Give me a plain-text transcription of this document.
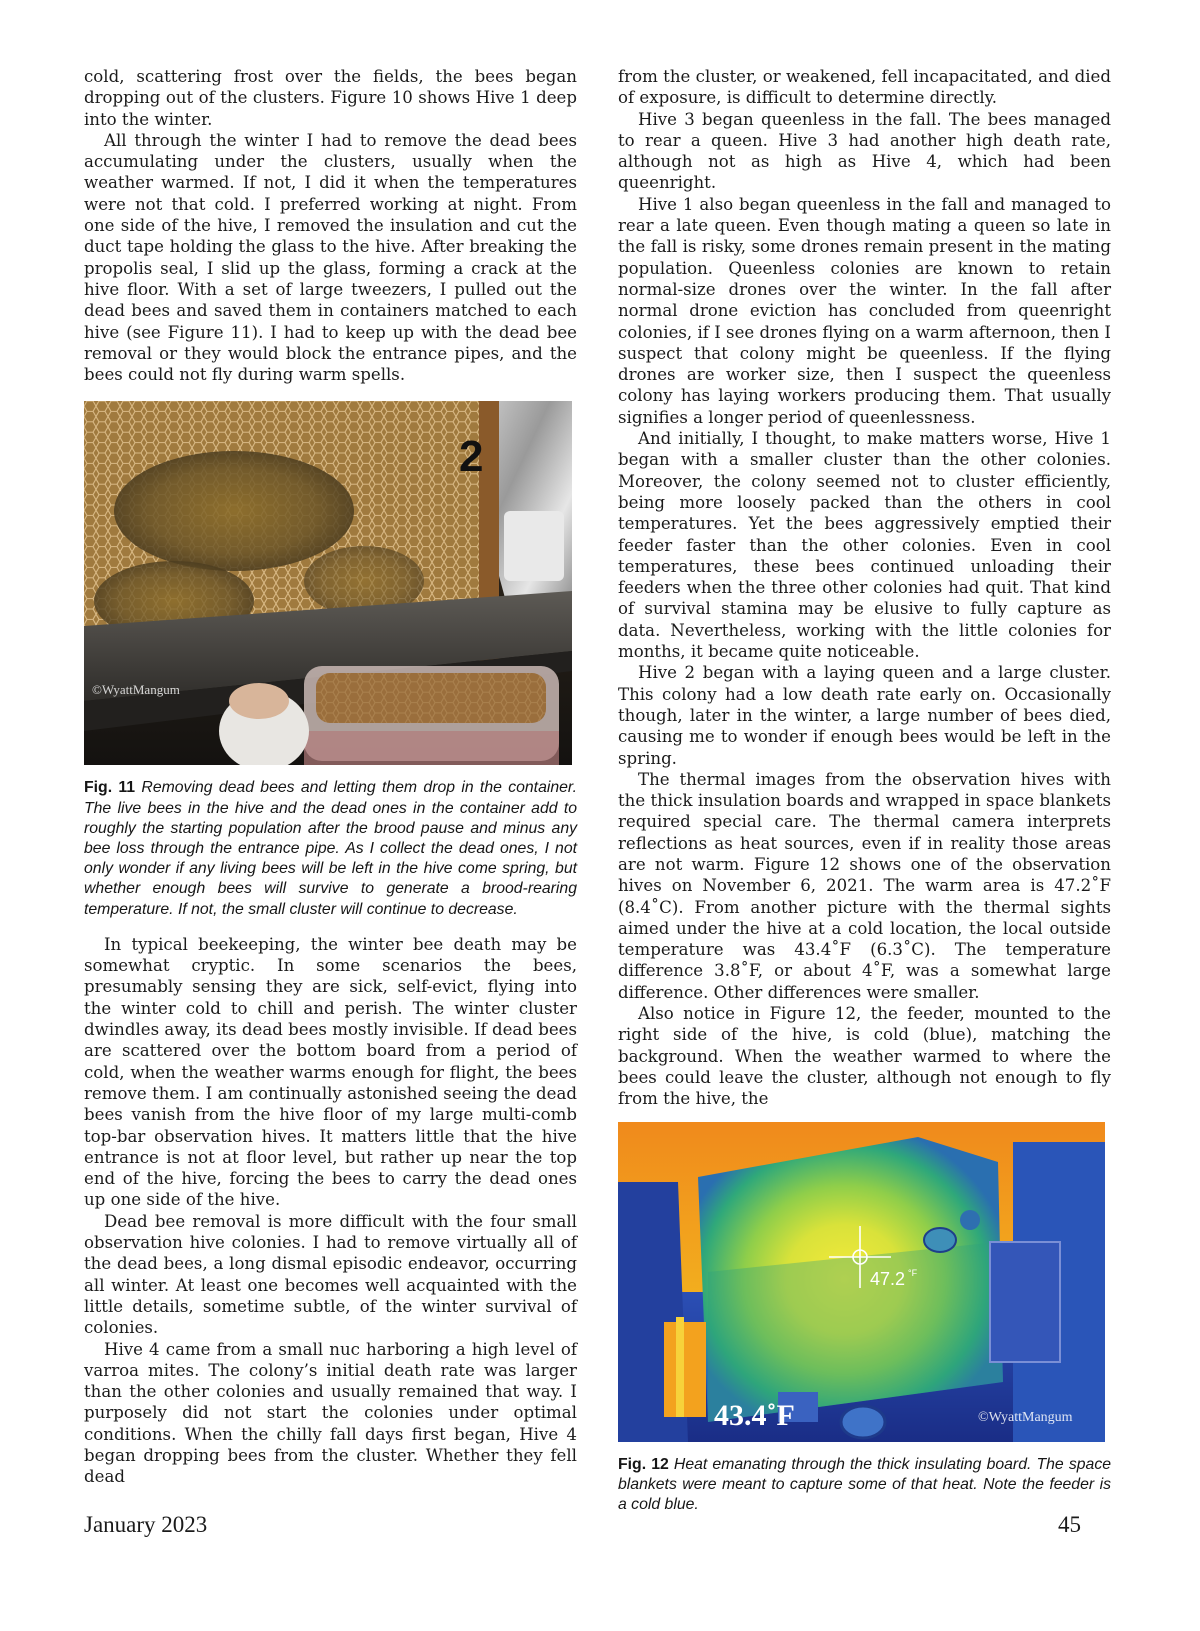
cold, scattering frost over the fields, the bees began dropping out of the clusters. Figure 10 shows Hive 1 deep into the winter.

All through the winter I had to remove the dead bees accumulating under the clusters, usually when the weather warmed. If not, I did it when the temperatures were not that cold. I preferred working at night. From one side of the hive, I removed the insulation and cut the duct tape holding the glass to the hive. After breaking the propolis seal, I slid up the glass, forming a crack at the hive floor. With a set of large tweezers, I pulled out the dead bees and saved them in containers matched to each hive (see Figure 11). I had to keep up with the dead bee removal or they would block the entrance pipes, and the bees could not fly during warm spells.

2
©WyattMangum
Fig. 11 Removing dead bees and letting them drop in the container. The live bees in the hive and the dead ones in the container add to roughly the starting population after the brood pause and minus any bee loss through the entrance pipe. As I collect the dead ones, I not only wonder if any living bees will be left in the hive come spring, but whether enough bees will survive to generate a brood-rearing temperature. If not, the small cluster will continue to decrease.

In typical beekeeping, the winter bee death may be somewhat cryptic. In some scenarios the bees, presumably sensing they are sick, self-evict, flying into the winter cold to chill and perish. The winter cluster dwindles away, its dead bees mostly invisible. If dead bees are scattered over the bottom board from a period of cold, when the weather warms enough for flight, the bees remove them. I am continually astonished seeing the dead bees vanish from the hive floor of my large multi-comb top-bar observation hives. It matters little that the hive entrance is not at floor level, but rather up near the top end of the hive, forcing the bees to carry the dead ones up one side of the hive.

Dead bee removal is more difficult with the four small observation hive colonies. I had to remove virtually all of the dead bees, a long dismal episodic endeavor, occurring all winter. At least one becomes well acquainted with the little details, sometime subtle, of the winter survival of colonies.

Hive 4 came from a small nuc harboring a high level of varroa mites. The colony’s initial death rate was larger than the other colonies and usually remained that way. I purposely did not start the colonies under optimal conditions. When the chilly fall days first began, Hive 4 began dropping bees from the cluster. Whether they fell dead

from the cluster, or weakened, fell incapacitated, and died of exposure, is difficult to determine directly.

Hive 3 began queenless in the fall. The bees managed to rear a queen. Hive 3 had another high death rate, although not as high as Hive 4, which had been queenright.

Hive 1 also began queenless in the fall and managed to rear a late queen. Even though mating a queen so late in the fall is risky, some drones remain present in the mating population. Queenless colonies are known to retain normal-size drones over the winter. In the fall after normal drone eviction has concluded from queenright colonies, if I see drones flying on a warm afternoon, then I suspect that colony might be queenless. If the flying drones are worker size, then I suspect the queenless colony has laying workers producing them. That usually signifies a longer period of queenlessness.

And initially, I thought, to make matters worse, Hive 1 began with a smaller cluster than the other colonies. Moreover, the colony seemed not to cluster efficiently, being more loosely packed than the others in cool temperatures. Yet the bees aggressively emptied their feeder faster than the other colonies. Even in cool temperatures, these bees continued unloading their feeders when the three other colonies had quit. That kind of survival stamina may be elusive to fully capture as data. Nevertheless, working with the little colonies for months, it became quite noticeable.

Hive 2 began with a laying queen and a large cluster. This colony had a low death rate early on. Occasionally though, later in the winter, a large number of bees died, causing me to wonder if enough bees would be left in the spring.

The thermal images from the observation hives with the thick insulation boards and wrapped in space blankets required special care. The thermal camera interprets reflections as heat sources, even if in reality those areas are not warm. Figure 12 shows one of the observation hives on November 6, 2021. The warm area is 47.2˚F (8.4˚C). From another picture with the thermal sights aimed under the hive at a cold location, the local outside temperature was 43.4˚F (6.3˚C). The temperature difference 3.8˚F, or about 4˚F, was a somewhat large difference. Other differences were smaller.

Also notice in Figure 12, the feeder, mounted to the right side of the hive, is cold (blue), matching the background. When the weather warmed to where the bees could leave the cluster, although not enough to fly from the hive, the

47.2 °F
43.4˚F	©WyattMangum
Fig. 12 Heat emanating through the thick insulating board. The space blankets were meant to capture some of that heat. Note the feeder is a cold blue.
January 2023	45
